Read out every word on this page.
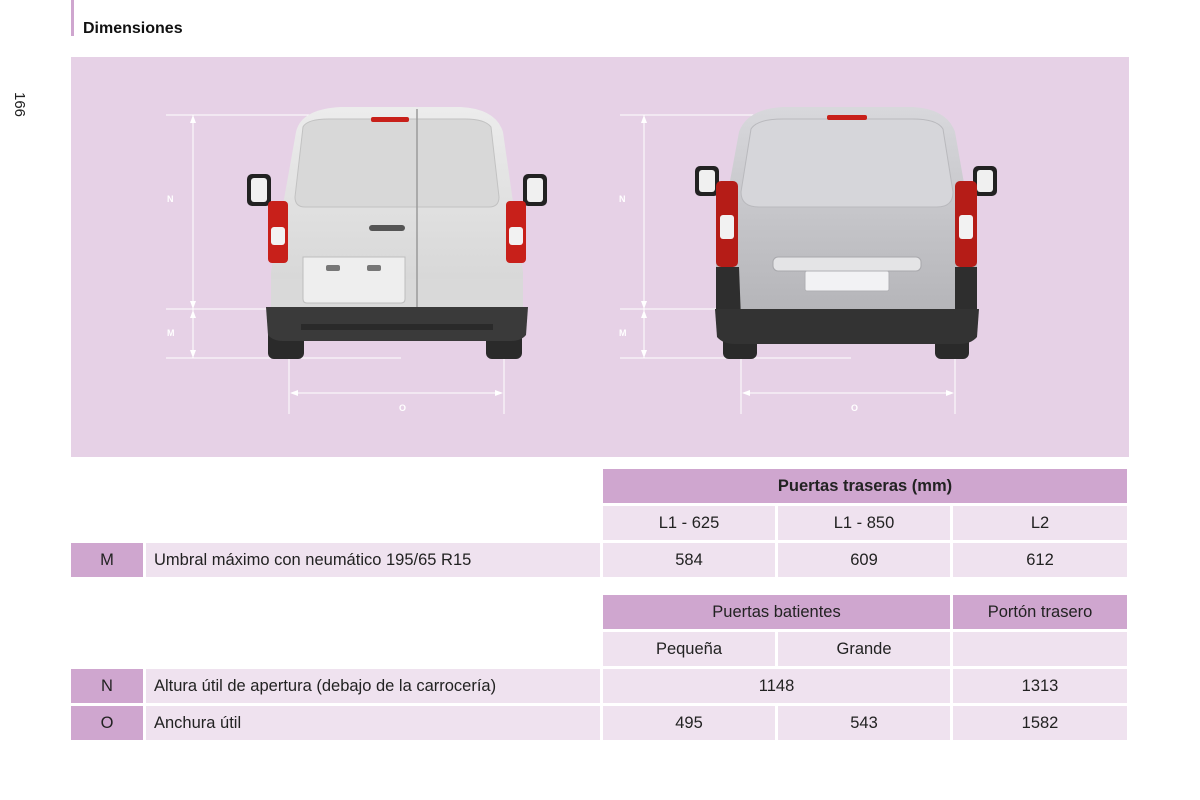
Dimensiones
166
N
M
O
N
M
O
		Puertas traseras (mm)		
		L1 - 625	L1 - 850	L2
M	Umbral máximo con neumático 195/65 R15	584	609	612
		Puertas batientes		Portón trasero
		Pequeña	Grande	
N	Altura útil de apertura (debajo de la carrocería)	1148		1313
O	Anchura útil	495	543	1582
